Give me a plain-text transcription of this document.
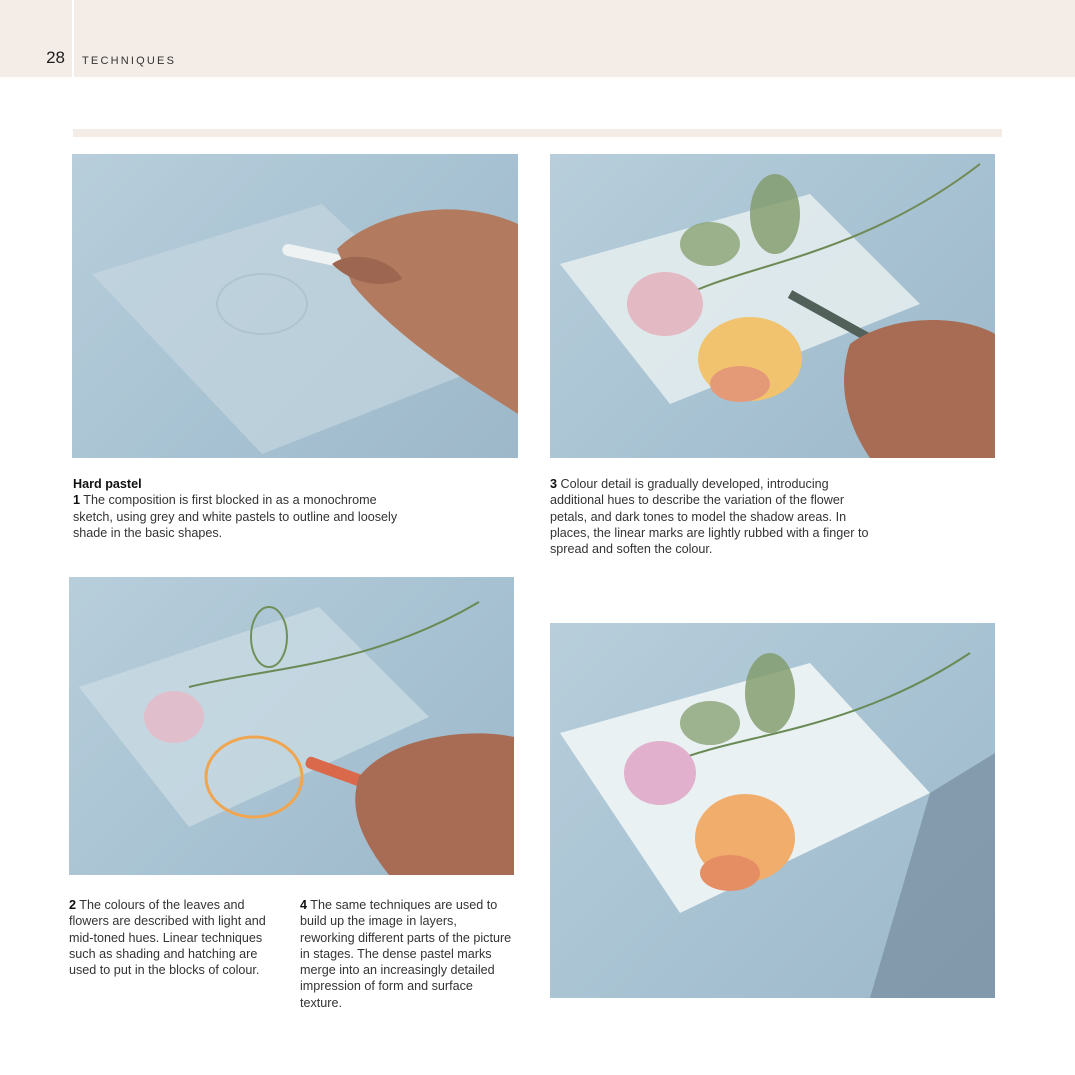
28 TECHNIQUES
Hard pastel
1 The composition is first blocked in as a monochrome sketch, using grey and white pastels to outline and loosely shade in the basic shapes.
3 Colour detail is gradually developed, introducing additional hues to describe the variation of the flower petals, and dark tones to model the shadow areas. In places, the linear marks are lightly rubbed with a finger to spread and soften the colour.
2 The colours of the leaves and flowers are described with light and mid-toned hues. Linear techniques such as shading and hatching are used to put in the blocks of colour.
4 The same techniques are used to build up the image in layers, reworking different parts of the picture in stages. The dense pastel marks merge into an increasingly detailed impression of form and surface texture.
